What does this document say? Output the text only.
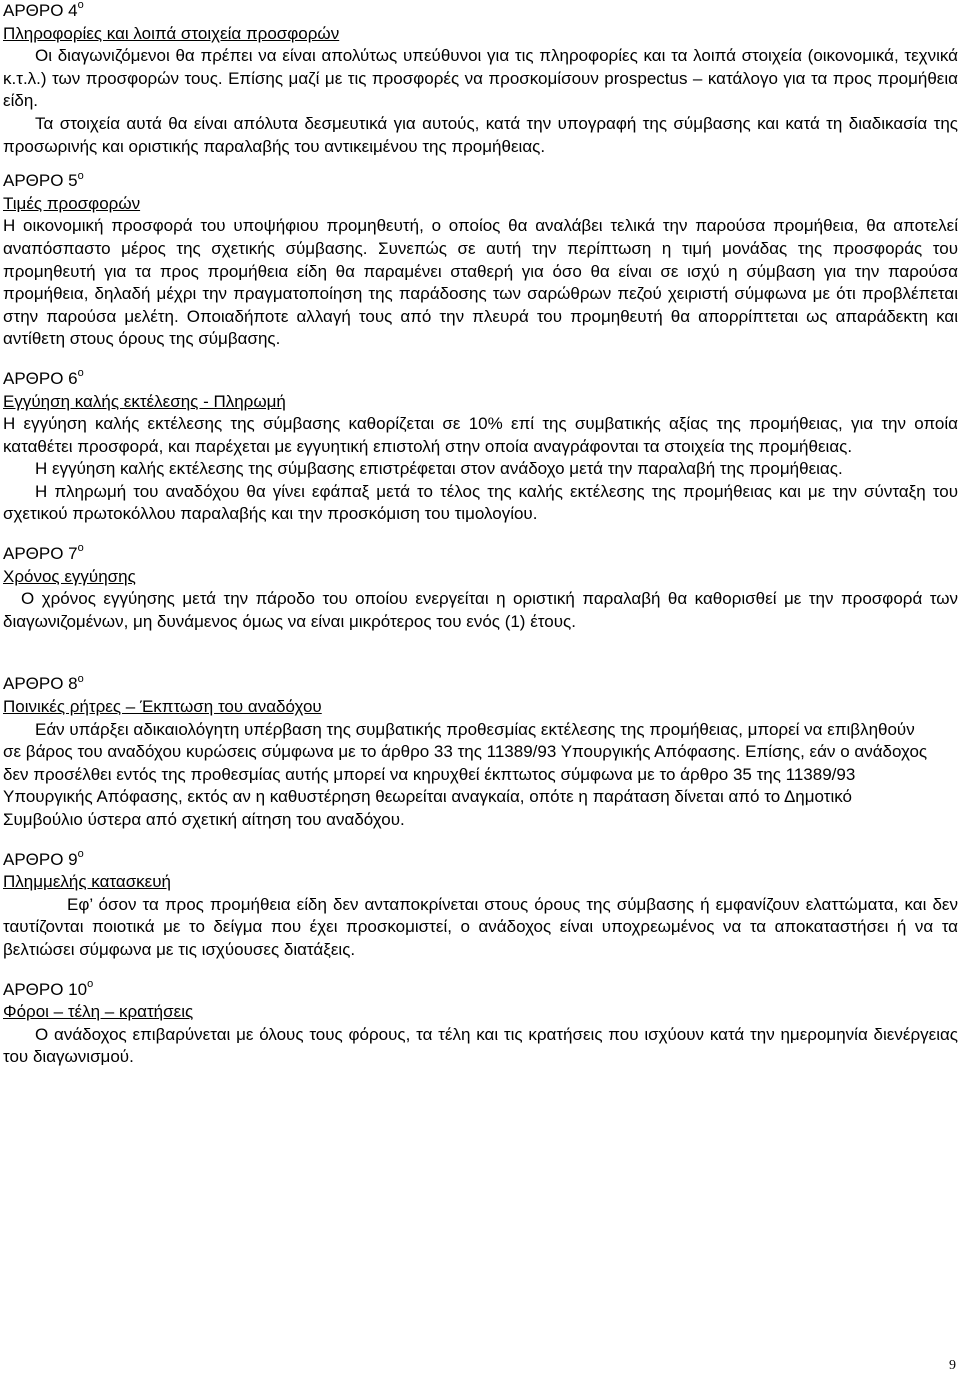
ΑΡΘΡΟ $4^o$
Πληροφορίες και λοιπά στοιχεία προσφορών

Οι διαγωνιζόμενοι θα πρέπει να είναι απολύτως υπεύθυνοι για τις πληροφορίες και τα λοιπά στοιχεία (οικονομικά, τεχνικά κ.τ.λ.) των προσφορών τους. Επίσης μαζί με τις προσφορές να προσκομίσουν prospectus – κατάλογο για τα προς προμήθεια είδη.

Τα στοιχεία αυτά θα είναι απόλυτα δεσμευτικά για αυτούς, κατά την υπογραφή της σύμβασης και κατά τη διαδικασία της προσωρινής και οριστικής παραλαβής του αντικειμένου της προμήθειας.

ΑΡΘΡΟ $5^o$
Τιμές προσφορών

Η οικονομική προσφορά του υποψήφιου προμηθευτή, ο οποίος θα αναλάβει τελικά την παρούσα προμήθεια, θα αποτελεί αναπόσπαστο μέρος της σχετικής σύμβασης. Συνεπώς σε αυτή την περίπτωση η τιμή μονάδας της προσφοράς του προμηθευτή για τα προς προμήθεια είδη θα παραμένει σταθερή για όσο θα είναι σε ισχύ η σύμβαση για την παρούσα προμήθεια, δηλαδή μέχρι την πραγματοποίηση της παράδοσης των σαρώθρων πεζού χειριστή σύμφωνα με ότι προβλέπεται στην παρούσα μελέτη. Οποιαδήποτε αλλαγή τους από την πλευρά του προμηθευτή θα απορρίπτεται ως απαράδεκτη και αντίθετη στους όρους της σύμβασης.

ΑΡΘΡΟ $6^o$
Εγγύηση καλής εκτέλεσης - Πληρωμή

Η εγγύηση καλής εκτέλεσης της σύμβασης καθορίζεται σε 10% επί της συμβατικής αξίας της προμήθειας, για την οποία καταθέτει προσφορά, και παρέχεται με εγγυητική επιστολή στην οποία αναγράφονται τα στοιχεία της προμήθειας.

Η εγγύηση καλής εκτέλεσης της σύμβασης επιστρέφεται στον ανάδοχο μετά την παραλαβή της προμήθειας.

Η πληρωμή του αναδόχου θα γίνει εφάπαξ μετά το τέλος της καλής εκτέλεσης της προμήθειας και με την σύνταξη του σχετικού πρωτοκόλλου παραλαβής και την προσκόμιση του τιμολογίου.

ΑΡΘΡΟ $7^o$
Χρόνος εγγύησης

Ο χρόνος εγγύησης μετά την πάροδο του οποίου ενεργείται η οριστική παραλαβή θα καθορισθεί με την προσφορά των διαγωνιζομένων, μη δυνάμενος όμως να είναι μικρότερος του ενός (1) έτους.

ΑΡΘΡΟ $8^o$
Ποινικές ρήτρες – Έκπτωση του αναδόχου

Εάν υπάρξει αδικαιολόγητη υπέρβαση της συμβατικής προθεσμίας εκτέλεσης της προμήθειας, μπορεί να επιβληθούν σε βάρος του αναδόχου κυρώσεις σύμφωνα με το άρθρο 33 της 11389/93 Υπουργικής Απόφασης. Επίσης, εάν ο ανάδοχος δεν προσέλθει εντός της προθεσμίας αυτής μπορεί να κηρυχθεί έκπτωτος σύμφωνα με το άρθρο 35 της 11389/93 Υπουργικής Απόφασης, εκτός αν η καθυστέρηση θεωρείται αναγκαία, οπότε η παράταση δίνεται από το Δημοτικό Συμβούλιο ύστερα από σχετική αίτηση του αναδόχου.

ΑΡΘΡΟ $9^o$
Πλημμελής κατασκευή

Εφ’ όσον τα προς προμήθεια είδη δεν ανταποκρίνεται στους όρους της σύμβασης ή εμφανίζουν ελαττώματα, και δεν ταυτίζονται ποιοτικά με το δείγμα που έχει προσκομιστεί, ο ανάδοχος είναι υποχρεωμένος να τα αποκαταστήσει ή να τα βελτιώσει σύμφωνα με τις ισχύουσες διατάξεις.

ΑΡΘΡΟ $10^o$
Φόροι – τέλη – κρατήσεις

Ο ανάδοχος επιβαρύνεται με όλους τους φόρους, τα τέλη και τις κρατήσεις που ισχύουν κατά την ημερομηνία διενέργειας του διαγωνισμού.

9
